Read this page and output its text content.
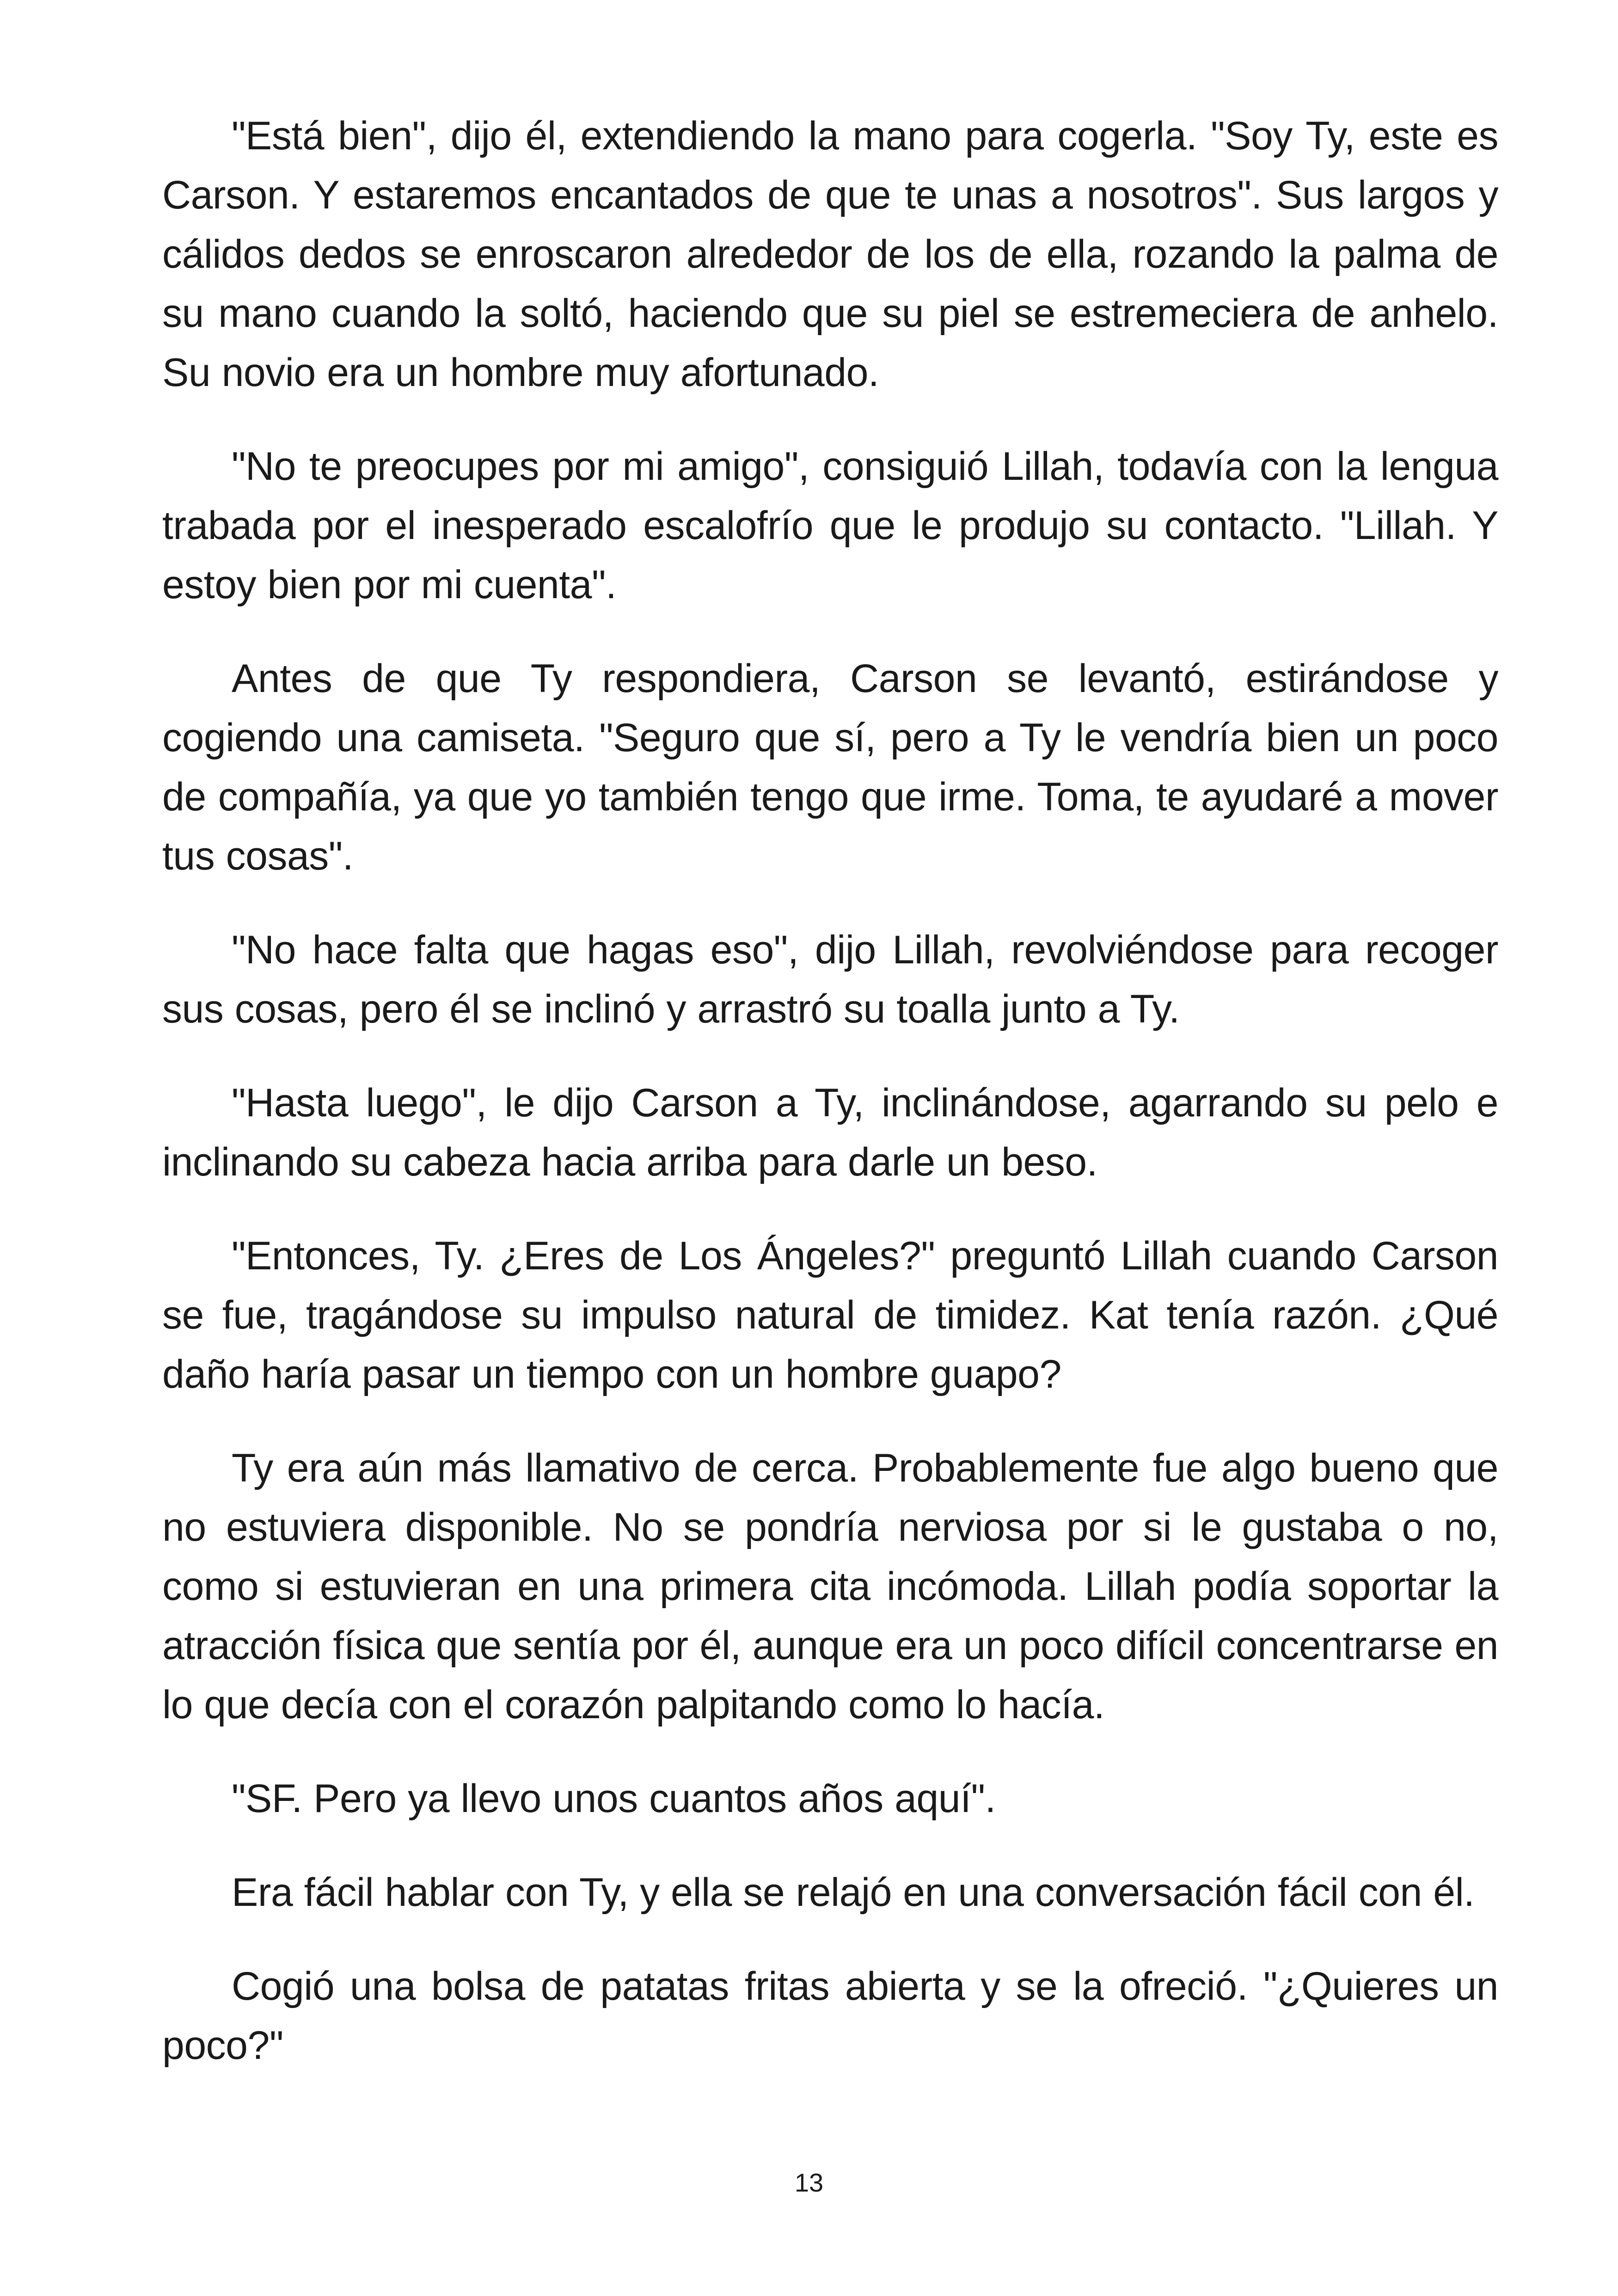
"Está bien", dijo él, extendiendo la mano para cogerla. "Soy Ty, este es Carson. Y estaremos encantados de que te unas a nosotros". Sus largos y cálidos dedos se enroscaron alrededor de los de ella, rozando la palma de su mano cuando la soltó, haciendo que su piel se estremeciera de anhelo. Su novio era un hombre muy afortunado.

"No te preocupes por mi amigo", consiguió Lillah, todavía con la lengua trabada por el inesperado escalofrío que le produjo su contacto. "Lillah. Y estoy bien por mi cuenta".

Antes de que Ty respondiera, Carson se levantó, estirándose y cogiendo una camiseta. "Seguro que sí, pero a Ty le vendría bien un poco de compañía, ya que yo también tengo que irme. Toma, te ayudaré a mover tus cosas".

"No hace falta que hagas eso", dijo Lillah, revolviéndose para recoger sus cosas, pero él se inclinó y arrastró su toalla junto a Ty.

"Hasta luego", le dijo Carson a Ty, inclinándose, agarrando su pelo e inclinando su cabeza hacia arriba para darle un beso.

"Entonces, Ty. ¿Eres de Los Ángeles?" preguntó Lillah cuando Carson se fue, tragándose su impulso natural de timidez. Kat tenía razón. ¿Qué daño haría pasar un tiempo con un hombre guapo?

Ty era aún más llamativo de cerca. Probablemente fue algo bueno que no estuviera disponible. No se pondría nerviosa por si le gustaba o no, como si estuvieran en una primera cita incómoda. Lillah podía soportar la atracción física que sentía por él, aunque era un poco difícil concentrarse en lo que decía con el corazón palpitando como lo hacía.

"SF. Pero ya llevo unos cuantos años aquí".

Era fácil hablar con Ty, y ella se relajó en una conversación fácil con él.

Cogió una bolsa de patatas fritas abierta y se la ofreció. "¿Quieres un poco?"

13
